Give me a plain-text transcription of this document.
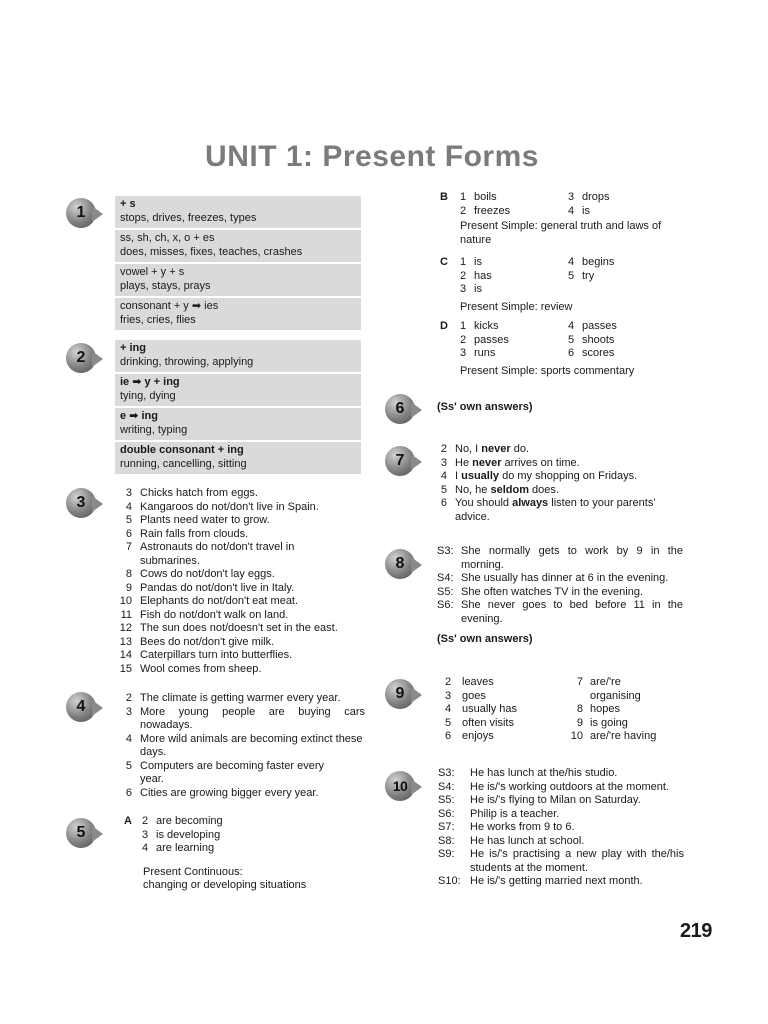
UNIT 1: Present Forms
1
2
3
4
5
6
7
8
9
10
+ s
stops, drives, freezes, types
ss, sh, ch, x, o + es
does, misses, fixes, teaches, crashes
vowel + y + s
plays, stays, prays
consonant + y ➡ ies
fries, cries, flies
+ ing
drinking, throwing, applying
ie ➡ y + ing
tying, dying
e ➡ ing
writing, typing
double consonant + ing
running, cancelling, sitting
3 Chicks hatch from eggs.
4 Kangaroos do not/don't live in Spain.
5 Plants need water to grow.
6 Rain falls from clouds.
7 Astronauts do not/don't travel in submarines.
8 Cows do not/don't lay eggs.
9 Pandas do not/don't live in Italy.
10 Elephants do not/don't eat meat.
11 Fish do not/don't walk on land.
12 The sun does not/doesn't set in the east.
13 Bees do not/don't give milk.
14 Caterpillars turn into butterflies.
15 Wool comes from sheep.
2 The climate is getting warmer every year.
3 More young people are buying cars nowadays.
4 More wild animals are becoming extinct these days.
5 Computers are becoming faster every year.
6 Cities are growing bigger every year.
A 2 are becoming
3 is developing
4 are learning
Present Continuous:
changing or developing situations
B 1 boils
2 freezes
3 drops
4 is
Present Simple: general truth and laws of nature
C 1 is
2 has
3 is
4 begins
5 try
Present Simple: review
D 1 kicks
2 passes
3 runs
4 passes
5 shoots
6 scores
Present Simple: sports commentary
(Ss' own answers)
2 No, I never do.
3 He never arrives on time.
4 I usually do my shopping on Fridays.
5 No, he seldom does.
6 You should always listen to your parents' advice.
S3: She normally gets to work by 9 in the morning.
S4: She usually has dinner at 6 in the evening.
S5: She often watches TV in the evening.
S6: She never goes to bed before 11 in the evening.
(Ss' own answers)
2 leaves
3 goes
4 usually has
5 often visits
6 enjoys
7 are/'re organising
8 hopes
9 is going
10 are/'re having
S3:	He has lunch at the/his studio.
S4:	He is/'s working outdoors at the moment.
S5:	He is/'s flying to Milan on Saturday.
S6:	Philip is a teacher.
S7:	He works from 9 to 6.
S8:	He has lunch at school.
S9:	He is/'s practising a new play with the/his students at the moment.
S10: He is/'s getting married next month.
219
